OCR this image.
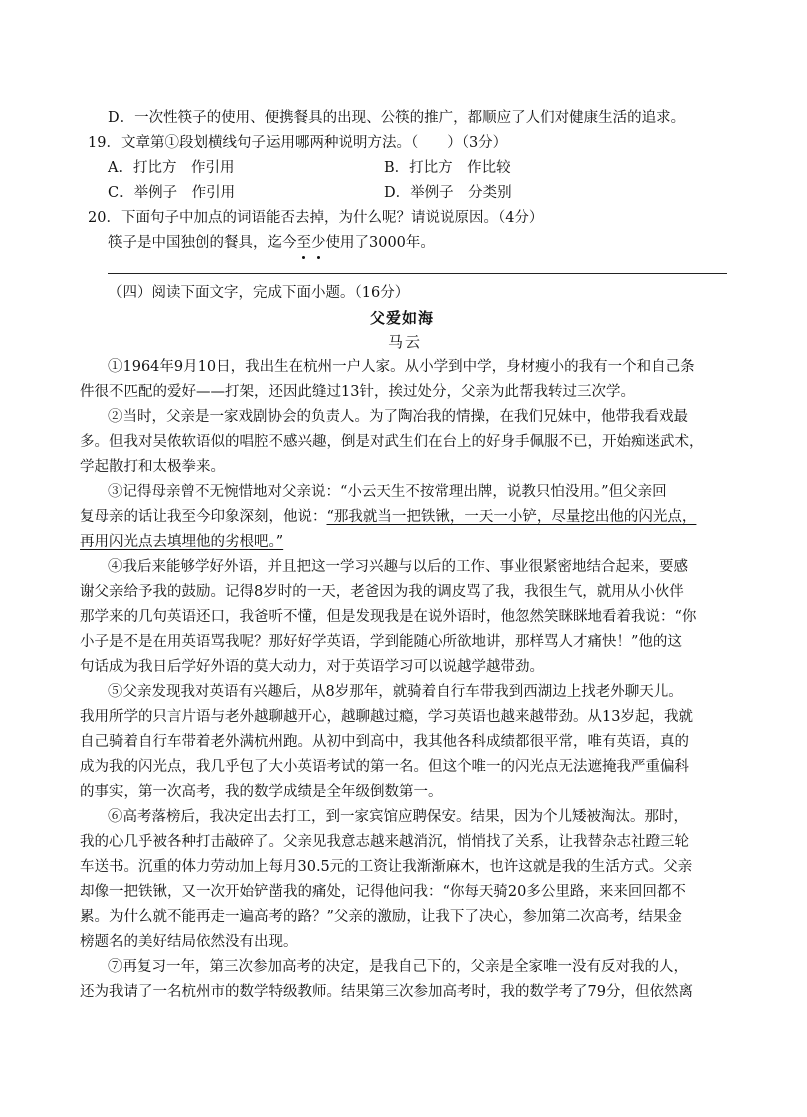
D．一次性筷子的使用、便携餐具的出现、公筷的推广，都顺应了人们对健康生活的追求。
19．文章第①段划横线句子运用哪两种说明方法。（　　）（3分）
A．打比方　作引用	B．打比方　作比较
C．举例子　作引用	D．举例子　分类别
20．下面句子中加点的词语能否去掉，为什么呢？请说说原因。（4分）
筷子是中国独创的餐具，迄今至
少
使用了3000年。
（四）阅读下面文字，完成下面小题。（16分）
父爱如海
马云
①1964年9月10日，我出生在杭州一户人家。从小学到中学，身材瘦小的我有一个和自己条
件很不匹配的爱好——打架，还因此缝过13针，挨过处分，父亲为此帮我转过三次学。
②当时，父亲是一家戏剧协会的负责人。为了陶冶我的情操，在我们兄妹中，他带我看戏最
多。但我对吴侬软语似的唱腔不感兴趣，倒是对武生们在台上的好身手佩服不已，开始痴迷武术，
学起散打和太极拳来。
③记得母亲曾不无惋惜地对父亲说：“小云天生不按常理出牌，说教只怕没用。”但父亲回
复母亲的话让我至今印象深刻，他说：“那我就当一把铁锹，一天一小铲，尽量挖出他的闪光点，
再用闪光点去填埋他的劣根吧。”
④我后来能够学好外语，并且把这一学习兴趣与以后的工作、事业很紧密地结合起来，要感
谢父亲给予我的鼓励。记得8岁时的一天，老爸因为我的调皮骂了我，我很生气，就用从小伙伴
那学来的几句英语还口，我爸听不懂，但是发现我是在说外语时，他忽然笑眯眯地看着我说：“你
小子是不是在用英语骂我呢？那好好学英语，学到能随心所欲地讲，那样骂人才痛快！”他的这
句话成为我日后学好外语的莫大动力，对于英语学习可以说越学越带劲。
⑤父亲发现我对英语有兴趣后，从8岁那年，就骑着自行车带我到西湖边上找老外聊天儿。
我用所学的只言片语与老外越聊越开心，越聊越过瘾，学习英语也越来越带劲。从13岁起，我就
自己骑着自行车带着老外满杭州跑。从初中到高中，我其他各科成绩都很平常，唯有英语，真的
成为我的闪光点，我几乎包了大小英语考试的第一名。但这个唯一的闪光点无法遮掩我严重偏科
的事实，第一次高考，我的数学成绩是全年级倒数第一。
⑥高考落榜后，我决定出去打工，到一家宾馆应聘保安。结果，因为个儿矮被淘汰。那时，
我的心几乎被各种打击敲碎了。父亲见我意志越来越消沉，悄悄找了关系，让我替杂志社蹬三轮
车送书。沉重的体力劳动加上每月30.5元的工资让我渐渐麻木，也许这就是我的生活方式。父亲
却像一把铁锹，又一次开始铲凿我的痛处，记得他问我：“你每天骑20多公里路，来来回回都不
累。为什么就不能再走一遍高考的路？”父亲的激励，让我下了决心，参加第二次高考，结果金
榜题名的美好结局依然没有出现。
⑦再复习一年，第三次参加高考的决定，是我自己下的，父亲是全家唯一没有反对我的人，
还为我请了一名杭州市的数学特级教师。结果第三次参加高考时，我的数学考了79分，但依然离
